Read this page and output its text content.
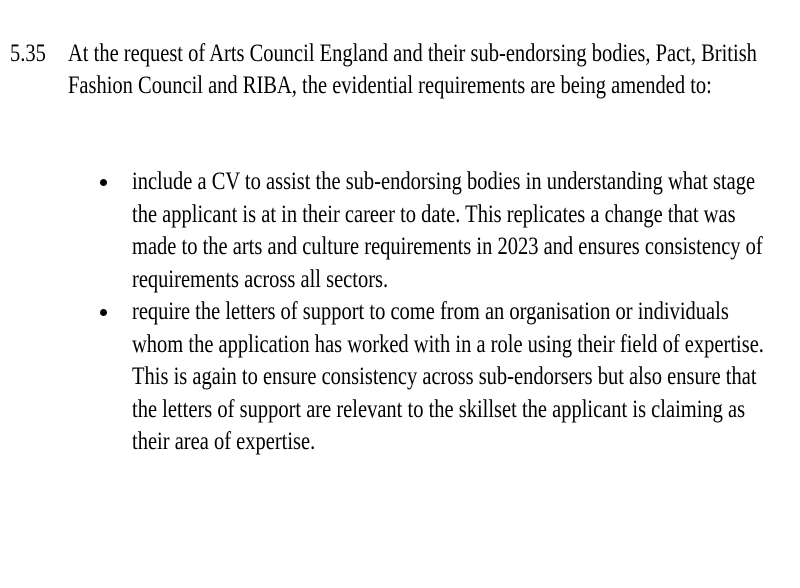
5.35 At the request of Arts Council England and their sub-endorsing bodies, Pact, British
Fashion Council and RIBA, the evidential requirements are being amended to:
include a CV to assist the sub-endorsing bodies in understanding what stage
the applicant is at in their career to date. This replicates a change that was
made to the arts and culture requirements in 2023 and ensures consistency of
requirements across all sectors.
require the letters of support to come from an organisation or individuals
whom the application has worked with in a role using their field of expertise.
This is again to ensure consistency across sub-endorsers but also ensure that
the letters of support are relevant to the skillset the applicant is claiming as
their area of expertise.
